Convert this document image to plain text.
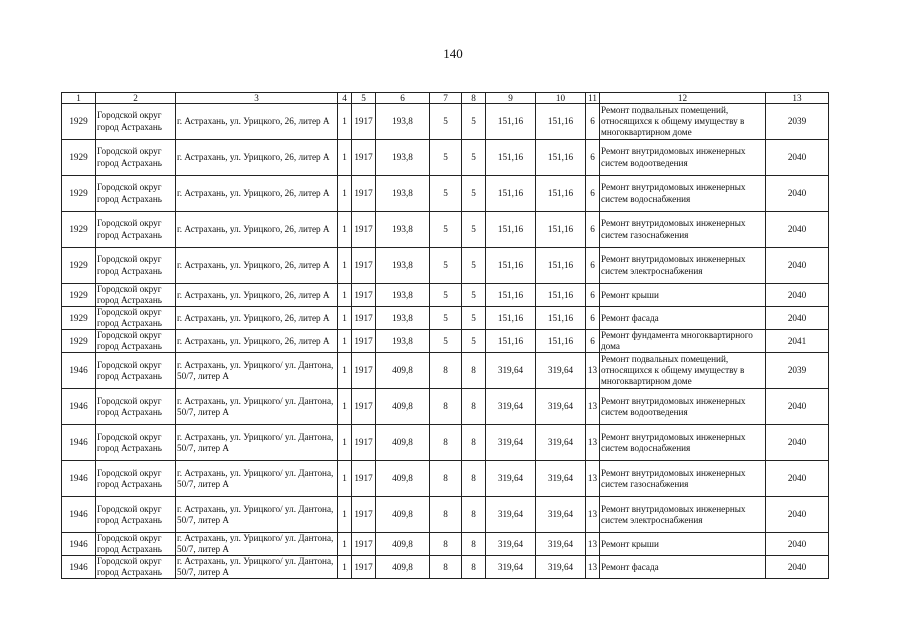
140
1	2	3	4	5	6	7	8	9	10	11	12	13
1929	Городской округ город Астрахань	г. Астрахань, ул. Урицкого, 26, литер А	1	1917	193,8	5	5	151,16	151,16	6	Ремонт подвальных помещений, относящихся к общему имуществу в многоквартирном доме	2039
1929	Городской округ город Астрахань	г. Астрахань, ул. Урицкого, 26, литер А	1	1917	193,8	5	5	151,16	151,16	6	Ремонт внутридомовых инженерных систем водоотведения	2040
1929	Городской округ город Астрахань	г. Астрахань, ул. Урицкого, 26, литер А	1	1917	193,8	5	5	151,16	151,16	6	Ремонт внутридомовых инженерных систем водоснабжения	2040
1929	Городской округ город Астрахань	г. Астрахань, ул. Урицкого, 26, литер А	1	1917	193,8	5	5	151,16	151,16	6	Ремонт внутридомовых инженерных систем газоснабжения	2040
1929	Городской округ город Астрахань	г. Астрахань, ул. Урицкого, 26, литер А	1	1917	193,8	5	5	151,16	151,16	6	Ремонт внутридомовых инженерных систем электроснабжения	2040
1929	Городской округ город Астрахань	г. Астрахань, ул. Урицкого, 26, литер А	1	1917	193,8	5	5	151,16	151,16	6	Ремонт крыши	2040
1929	Городской округ город Астрахань	г. Астрахань, ул. Урицкого, 26, литер А	1	1917	193,8	5	5	151,16	151,16	6	Ремонт фасада	2040
1929	Городской округ город Астрахань	г. Астрахань, ул. Урицкого, 26, литер А	1	1917	193,8	5	5	151,16	151,16	6	Ремонт фундамента многоквартирного дома	2041
1946	Городской округ город Астрахань	г. Астрахань, ул. Урицкого/ ул. Дантона, 50/7, литер А	1	1917	409,8	8	8	319,64	319,64	13	Ремонт подвальных помещений, относящихся к общему имуществу в многоквартирном доме	2039
1946	Городской округ город Астрахань	г. Астрахань, ул. Урицкого/ ул. Дантона, 50/7, литер А	1	1917	409,8	8	8	319,64	319,64	13	Ремонт внутридомовых инженерных систем водоотведения	2040
1946	Городской округ город Астрахань	г. Астрахань, ул. Урицкого/ ул. Дантона, 50/7, литер А	1	1917	409,8	8	8	319,64	319,64	13	Ремонт внутридомовых инженерных систем водоснабжения	2040
1946	Городской округ город Астрахань	г. Астрахань, ул. Урицкого/ ул. Дантона, 50/7, литер А	1	1917	409,8	8	8	319,64	319,64	13	Ремонт внутридомовых инженерных систем газоснабжения	2040
1946	Городской округ город Астрахань	г. Астрахань, ул. Урицкого/ ул. Дантона, 50/7, литер А	1	1917	409,8	8	8	319,64	319,64	13	Ремонт внутридомовых инженерных систем электроснабжения	2040
1946	Городской округ город Астрахань	г. Астрахань, ул. Урицкого/ ул. Дантона, 50/7, литер А	1	1917	409,8	8	8	319,64	319,64	13	Ремонт крыши	2040
1946	Городской округ город Астрахань	г. Астрахань, ул. Урицкого/ ул. Дантона, 50/7, литер А	1	1917	409,8	8	8	319,64	319,64	13	Ремонт фасада	2040
